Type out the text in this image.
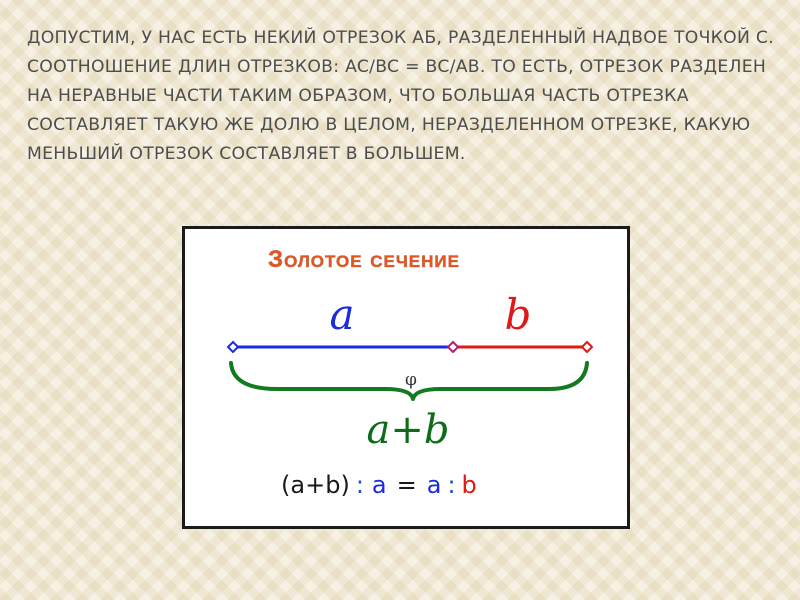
ДОПУСТИМ, У НАС ЕСТЬ НЕКИЙ ОТРЕЗОК АБ, РАЗДЕЛЕННЫЙ НАДВОЕ ТОЧКОЙ С. СООТНОШЕНИЕ ДЛИН ОТРЕЗКОВ: AC/BC = BC/AB. ТО ЕСТЬ, ОТРЕЗОК РАЗДЕЛЕН НА НЕРАВНЫЕ ЧАСТИ ТАКИМ ОБРАЗОМ, ЧТО БОЛЬШАЯ ЧАСТЬ ОТРЕЗКА СОСТАВЛЯЕТ ТАКУЮ ЖЕ ДОЛЮ В ЦЕЛОМ, НЕРАЗДЕЛЕННОМ ОТРЕЗКЕ, КАКУЮ МЕНЬШИЙ ОТРЕЗОК СОСТАВЛЯЕТ В БОЛЬШЕМ.

Золотое сечение
a	b
φ
a+b
(a+b) : a = a : b
